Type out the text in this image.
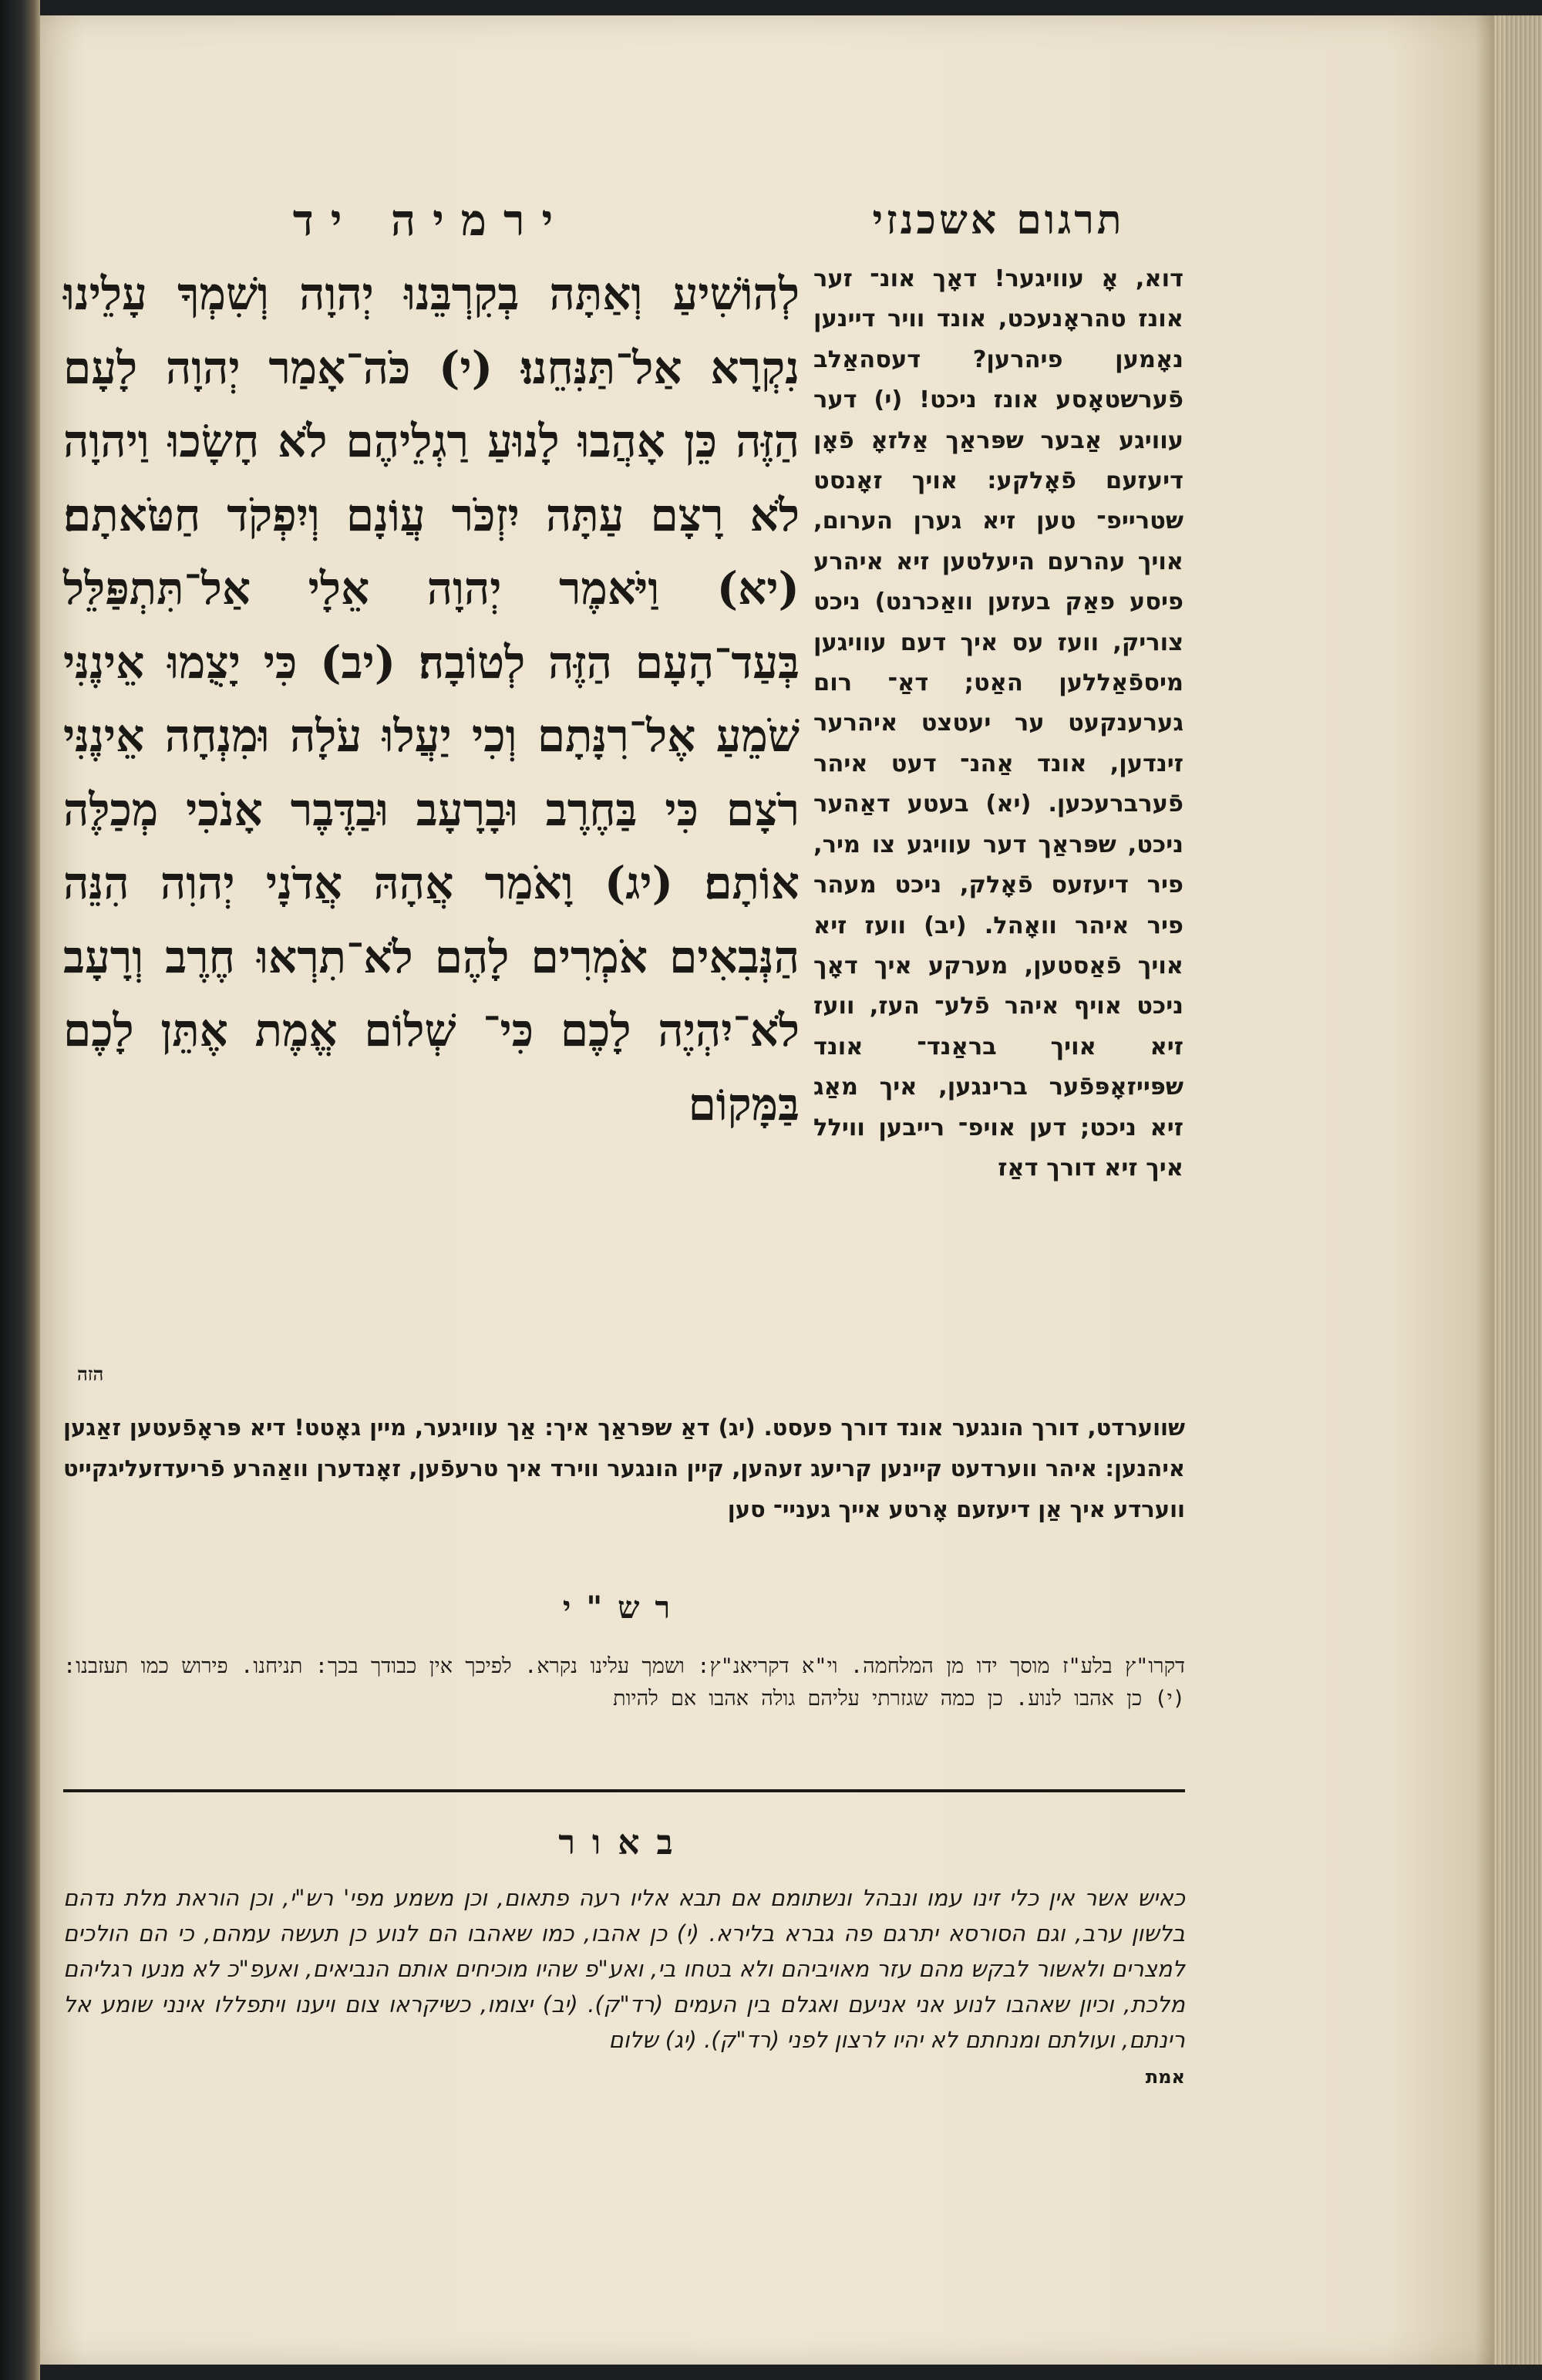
תרגום אשכנזי
דוא, אָ עוויגער! דאָך אונ־ זער אונז טהראָנעכט, אונד וויר דיינען נאָמען פיהרען? דעסהאַלב פֿערשטאָסע אונז ניכט! (י) דער עוויגע אַבער שפּראַך אַלזאָ פֿאָן דיעזעם פֿאָלקע: אויך זאָנסט שטרייפ־ טען זיא גערן הערום, אויך עהרעם היעלטען זיא איהרע פיסע פאַק בעזען וואַכרנט) ניכט צוריק, וועז עס איך דעם עוויגען מיספֿאַללען האַט; דאַ־ רום גערענקעט ער יעטצט איהרער זינדען, אונד אַהנ־ דעט איהר פֿערברעכען. (יא) בעטע דאַהער ניכט, שפּראַך דער עוויגע צו מיר, פיר דיעזעס פֿאָלק, ניכט מעהר פיר איהר וואָהל. (יב) וועז זיא אויך פֿאַסטען, מערקע איך דאָך ניכט אויף איהר פֿלע־ העז, וועז זיא אויך בראַנד־ אונד שפּייזאָפּפֿער ברינגען, איך מאַג זיא ניכט; דען אויפ־ רייבען ווילל איך זיא דורך דאַז
ירמיה יד
לְהוֹשִׁיעַ וְאַתָּה בְקִרְבֵּנוּ יְהוָה וְשִׁמְךָ עָלֵינוּ נִקְרָא אַל־תַּנִּחֵנוּ׃ (י) כֹּה־אָמַר יְהוָה לָעָם הַזֶּה כֵּן אָהֲבוּ לָנוּעַ רַגְלֵיהֶם לֹא חָשָׂכוּ וַיהוָה לֹא רָצָם עַתָּה יִזְכֹּר עֲוֹנָם וְיִפְקֹד חַטֹּאתָם׃ (יא) וַיֹּאמֶר יְהוָה אֵלָי אַל־תִּתְפַּלֵּל בְּעַד־הָעָם הַזֶּה לְטוֹבָה׃ (יב) כִּי יָצֻמוּ אֵינֶנִּי שֹׁמֵעַ אֶל־רִנָּתָם וְכִי יַעֲלוּ עֹלָה וּמִנְחָה אֵינֶנִּי רֹצָם כִּי בַּחֶרֶב וּבָרָעָב וּבַדֶּבֶר אָנֹכִי מְכַלֶּה אוֹתָם׃ (יג) וָאֹמַר אֲהָהּ אֲדֹנָי יְהוִה הִנֵּה הַנְּבִאִים אֹמְרִים לָהֶם לֹא־תִרְאוּ חֶרֶב וְרָעָב לֹא־יִהְיֶה לָכֶם כִּי־ שְׁלוֹם אֱמֶת אֶתֵּן לָכֶם בַּמָּקוֹם
הזה
שווערדט, דורך הונגער אונד דורך פעסט. (יג) דאַ שפּראַך איך: אַך עוויגער, מיין גאָטט! דיא פּראָפֿעטען זאַגען איהנען: איהר ווערדעט קיינען קריעג זעהען, קיין הונגער ווירד איך טרעפֿען, זאָנדערן וואַהרע פֿריעדזעליגקייט ווערדע איך אַן דיעזעם אָרטע אייך געניי־ סען
רש"י
דקרו"ץ בלע"ז מוסך ידו מן המלחמה. וי"א דקריאנ"ץ: ושמך עלינו נקרא. לפיכך אין כבודך בכך: תניחנו. פירוש כמו תעזבנו: (י) כן אהבו לנוע. כן כמה שגזרתי עליהם גולה אהבו אם להיות
באור
כאיש אשר אין כלי זינו עמו ונבהל ונשתומם אם תבא אליו רעה פתאום, וכן משמע מפי' רש"י, וכן הוראת מלת נדהם בלשון ערב, וגם הסורסא יתרגם פה גברא בלירא. (י) כן אהבו, כמו שאהבו הם לנוע כן תעשה עמהם, כי הם הולכים למצרים ולאשור לבקש מהם עזר מאויביהם ולא בטחו בי, ואע"פ שהיו מוכיחים אותם הנביאים, ואעפ"כ לא מנעו רגליהם מלכת, וכיון שאהבו לנוע אני אניעם ואגלם בין העמים (רד"ק). (יב) יצומו, כשיקראו צום ויענו ויתפללו אינני שומע אל רינתם, ועולתם ומנחתם לא יהיו לרצון לפני (רד"ק). (יג) שלום
אמת
